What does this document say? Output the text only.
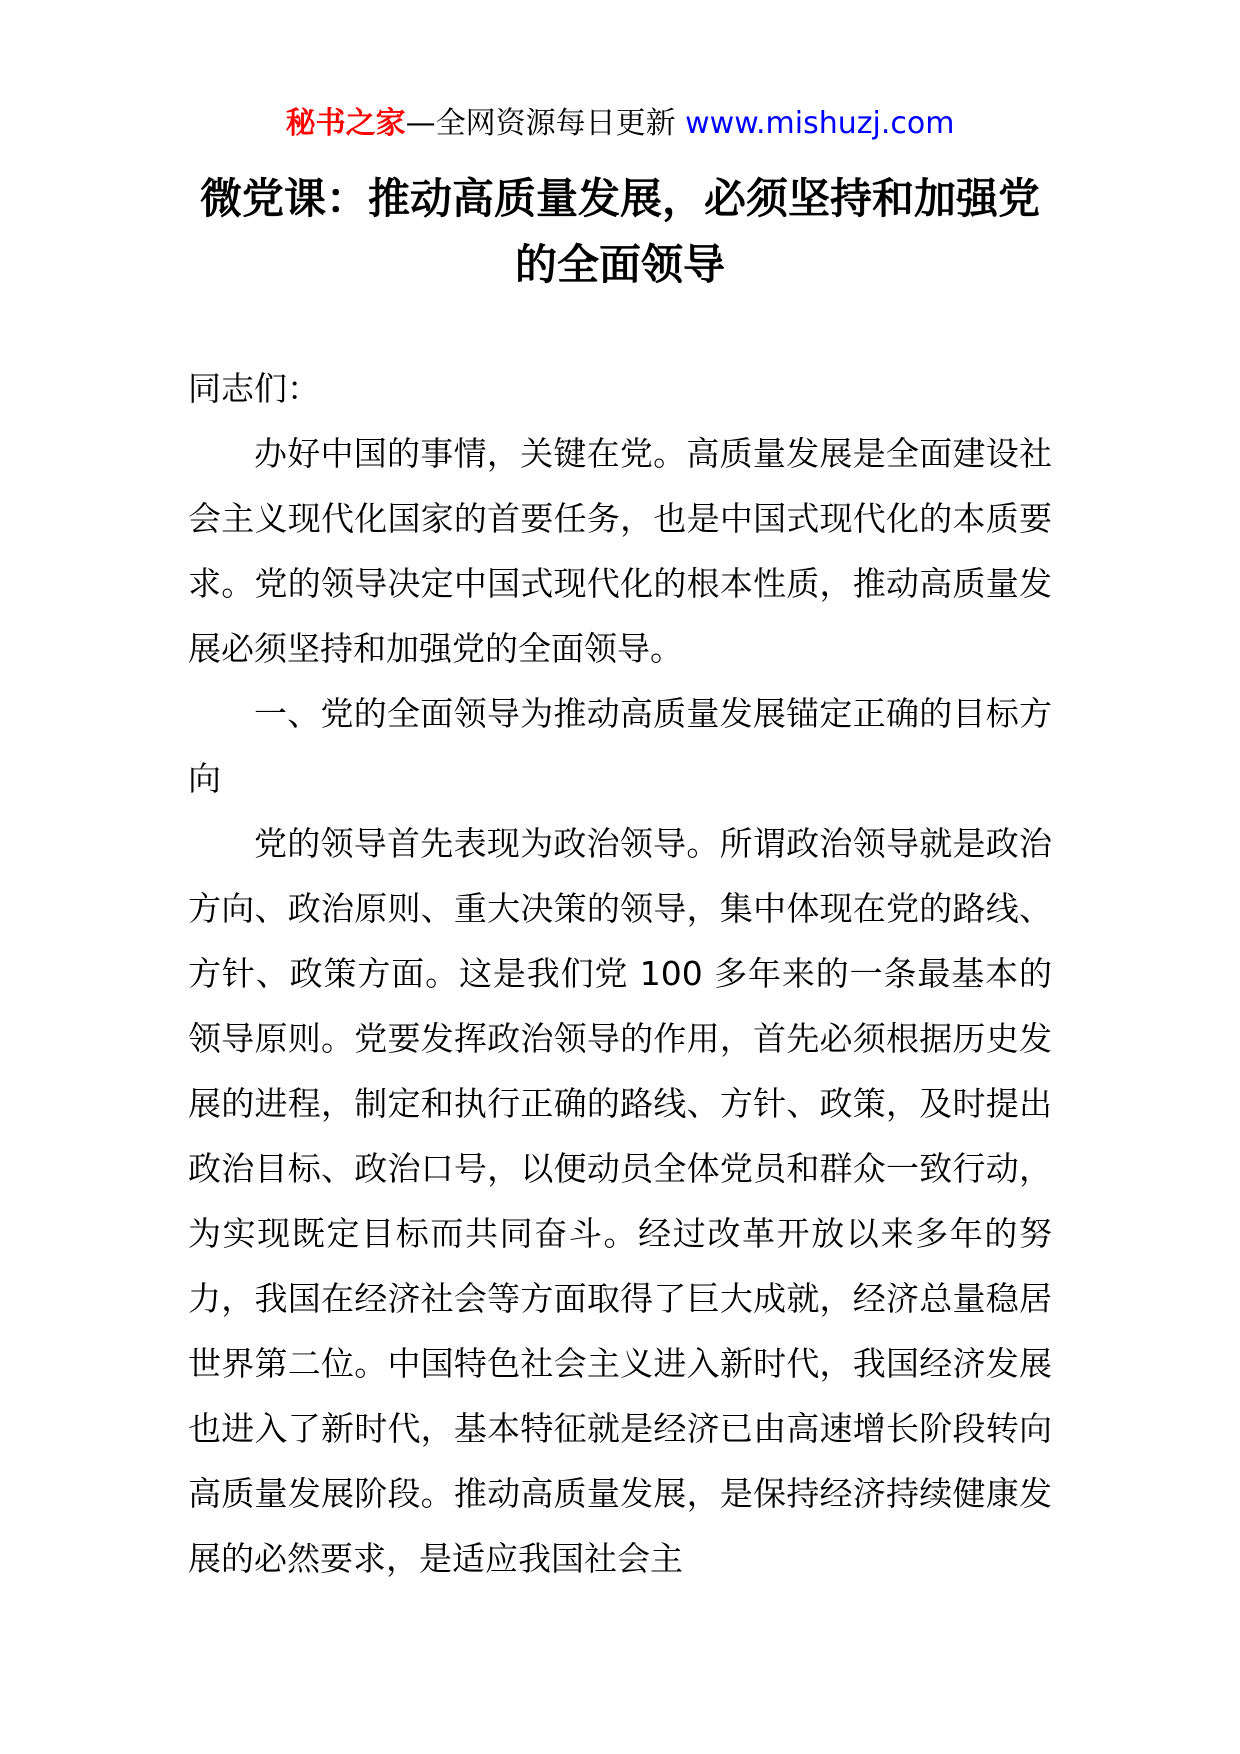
秘书之家—全网资源每日更新 www.mishuzj.com
微党课：推动高质量发展，必须坚持和加强党的全面领导

同志们：

办好中国的事情，关键在党。高质量发展是全面建设社会主义现代化国家的首要任务，也是中国式现代化的本质要求。党的领导决定中国式现代化的根本性质，推动高质量发展必须坚持和加强党的全面领导。

一、党的全面领导为推动高质量发展锚定正确的目标方向

党的领导首先表现为政治领导。所谓政治领导就是政治方向、政治原则、重大决策的领导，集中体现在党的路线、方针、政策方面。这是我们党 100 多年来的一条最基本的领导原则。党要发挥政治领导的作用，首先必须根据历史发展的进程，制定和执行正确的路线、方针、政策，及时提出政治目标、政治口号，以便动员全体党员和群众一致行动，为实现既定目标而共同奋斗。经过改革开放以来多年的努力，我国在经济社会等方面取得了巨大成就，经济总量稳居世界第二位。中国特色社会主义进入新时代，我国经济发展也进入了新时代，基本特征就是经济已由高速增长阶段转向高质量发展阶段。推动高质量发展，是保持经济持续健康发展的必然要求，是适应我国社会主
